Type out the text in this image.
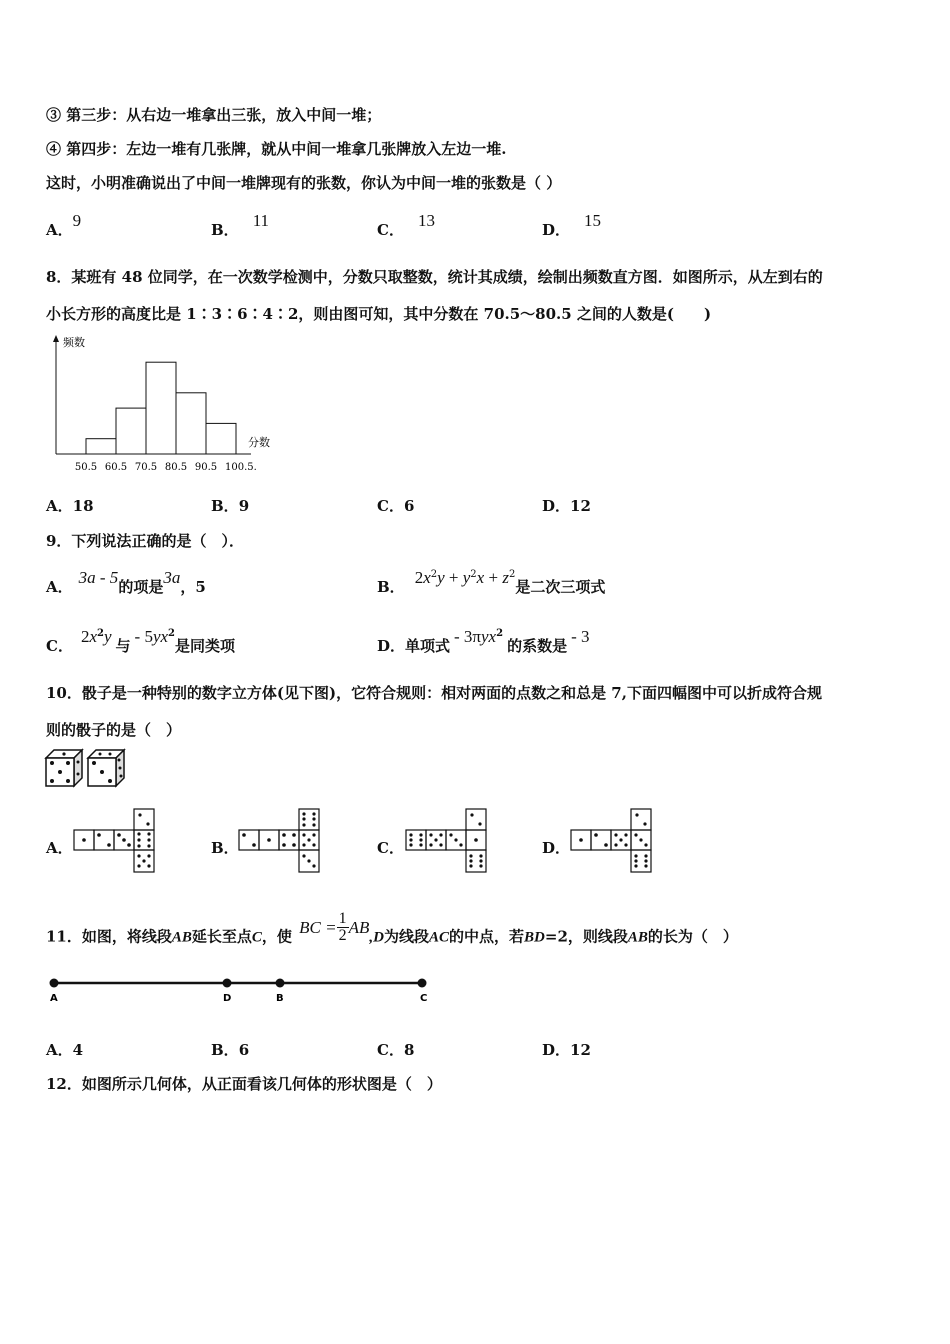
③ 第三步：从右边一堆拿出三张，放入中间一堆；
④ 第四步：左边一堆有几张牌，就从中间一堆拿几张牌放入左边一堆.
这时，小明准确说出了中间一堆牌现有的张数，你认为中间一堆的张数是（ ）
A．9	B． 11	C． 13	D． 15
8．某班有 48 位同学，在一次数学检测中，分数只取整数，统计其成绩，绘制出频数直方图．如图所示，从左到右的
小长方形的高度比是 1∶3∶6∶4∶2，则由图可知，其中分数在 70.5～80.5 之间的人数是(　　)
频数
分数
50.5 60.5 70.5 80.5 90.5 100.5.
A．18	B．9	C．6	D．12
9．下列说法正确的是（　）．
A． 3a - 5的项是3a，5	B． $2x^2y + y^2x + z^2$是二次三项式
C． $2x^2y$ 与 - $5yx^2$是同类项	D．单项式 - 3πyx$^2$的系数是 - 3
10．骰子是一种特别的数字立方体(见下图)，它符合规则：相对两面的点数之和总是 7,下面四幅图中可以折成符合规
则的骰子的是（　）
A．	B．	C．	D．
11．如图，将线段AB延长至点C，使 BC = $\frac{1}{2} AB,D$为线段AC的中点，若BD=2，则线段AB的长为（　）
A	D	B	C
A．4	B．6	C．8	D．12
12．如图所示几何体，从正面看该几何体的形状图是（　）
